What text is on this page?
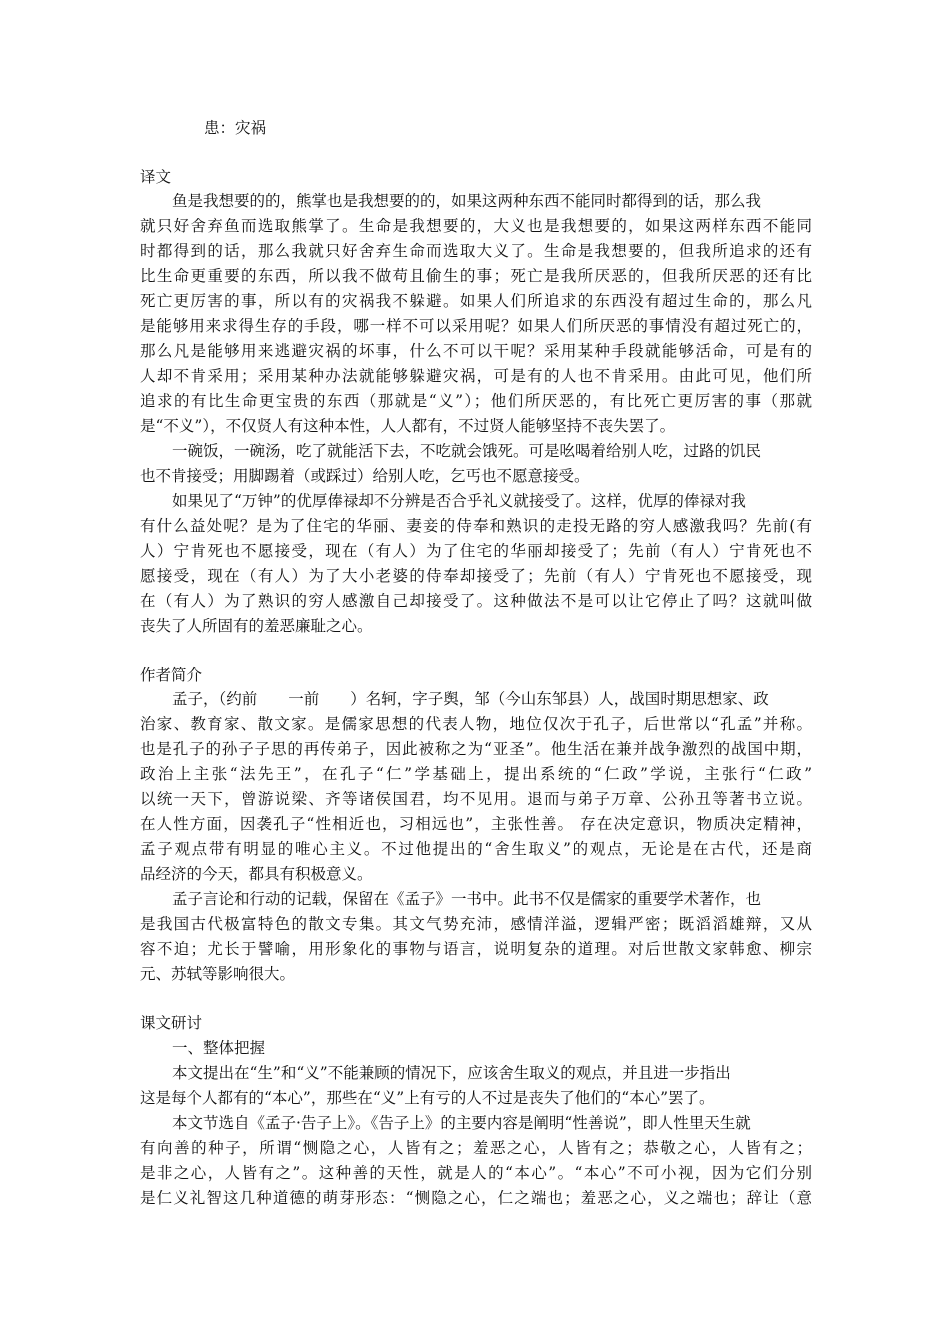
患：灾祸
译文
鱼是我想要的的，熊掌也是我想要的的，如果这两种东西不能同时都得到的话，那么我
就只好舍弃鱼而选取熊掌了。生命是我想要的，大义也是我想要的，如果这两样东西不能同
时都得到的话，那么我就只好舍弃生命而选取大义了。生命是我想要的，但我所追求的还有
比生命更重要的东西，所以我不做苟且偷生的事；死亡是我所厌恶的，但我所厌恶的还有比
死亡更厉害的事，所以有的灾祸我不躲避。如果人们所追求的东西没有超过生命的，那么凡
是能够用来求得生存的手段，哪一样不可以采用呢？如果人们所厌恶的事情没有超过死亡的，
那么凡是能够用来逃避灾祸的坏事，什么不可以干呢？采用某种手段就能够活命，可是有的
人却不肯采用；采用某种办法就能够躲避灾祸，可是有的人也不肯采用。由此可见，他们所
追求的有比生命更宝贵的东西（那就是“义”）；他们所厌恶的，有比死亡更厉害的事（那就
是“不义”），不仅贤人有这种本性，人人都有，不过贤人能够坚持不丧失罢了。
一碗饭，一碗汤，吃了就能活下去，不吃就会饿死。可是吆喝着给别人吃，过路的饥民
也不肯接受；用脚踢着（或踩过）给别人吃，乞丐也不愿意接受。
如果见了“万钟”的优厚俸禄却不分辨是否合乎礼义就接受了。这样，优厚的俸禄对我
有什么益处呢？是为了住宅的华丽、妻妾的侍奉和熟识的走投无路的穷人感激我吗？先前(有
人）宁肯死也不愿接受，现在（有人）为了住宅的华丽却接受了；先前（有人）宁肯死也不
愿接受，现在（有人）为了大小老婆的侍奉却接受了；先前（有人）宁肯死也不愿接受，现
在（有人）为了熟识的穷人感激自己却接受了。这种做法不是可以让它停止了吗？这就叫做
丧失了人所固有的羞恶廉耻之心。
作者简介
孟子，（约前　　一前　　）名轲，字子舆，邹（今山东邹县）人，战国时期思想家、政
治家、教育家、散文家。是儒家思想的代表人物，地位仅次于孔子，后世常以“孔孟”并称。
也是孔子的孙子子思的再传弟子，因此被称之为“亚圣”。他生活在兼并战争激烈的战国中期，
政治上主张“法先王”，在孔子“仁”学基础上，提出系统的“仁政”学说，主张行“仁政”
以统一天下，曾游说梁、齐等诸侯国君，均不见用。退而与弟子万章、公孙丑等著书立说。
在人性方面，因袭孔子“性相近也，习相远也”，主张性善。 存在决定意识，物质决定精神，
孟子观点带有明显的唯心主义。不过他提出的“舍生取义”的观点，无论是在古代，还是商
品经济的今天，都具有积极意义。
孟子言论和行动的记载，保留在《孟子》一书中。此书不仅是儒家的重要学术著作，也
是我国古代极富特色的散文专集。其文气势充沛，感情洋溢，逻辑严密；既滔滔雄辩，又从
容不迫；尤长于譬喻，用形象化的事物与语言，说明复杂的道理。对后世散文家韩愈、柳宗
元、苏轼等影响很大。
课文研讨
一、整体把握
本文提出在“生”和“义”不能兼顾的情况下，应该舍生取义的观点，并且进一步指出
这是每个人都有的“本心”，那些在“义”上有亏的人不过是丧失了他们的“本心”罢了。
本文节选自《孟子·告子上》。《告子上》的主要内容是阐明“性善说”，即人性里天生就
有向善的种子，所谓“恻隐之心，人皆有之；羞恶之心，人皆有之；恭敬之心，人皆有之；
是非之心，人皆有之”。这种善的天性，就是人的“本心”。“本心”不可小视，因为它们分别
是仁义礼智这几种道德的萌芽形态：“恻隐之心，仁之端也；羞恶之心，义之端也；辞让（意
